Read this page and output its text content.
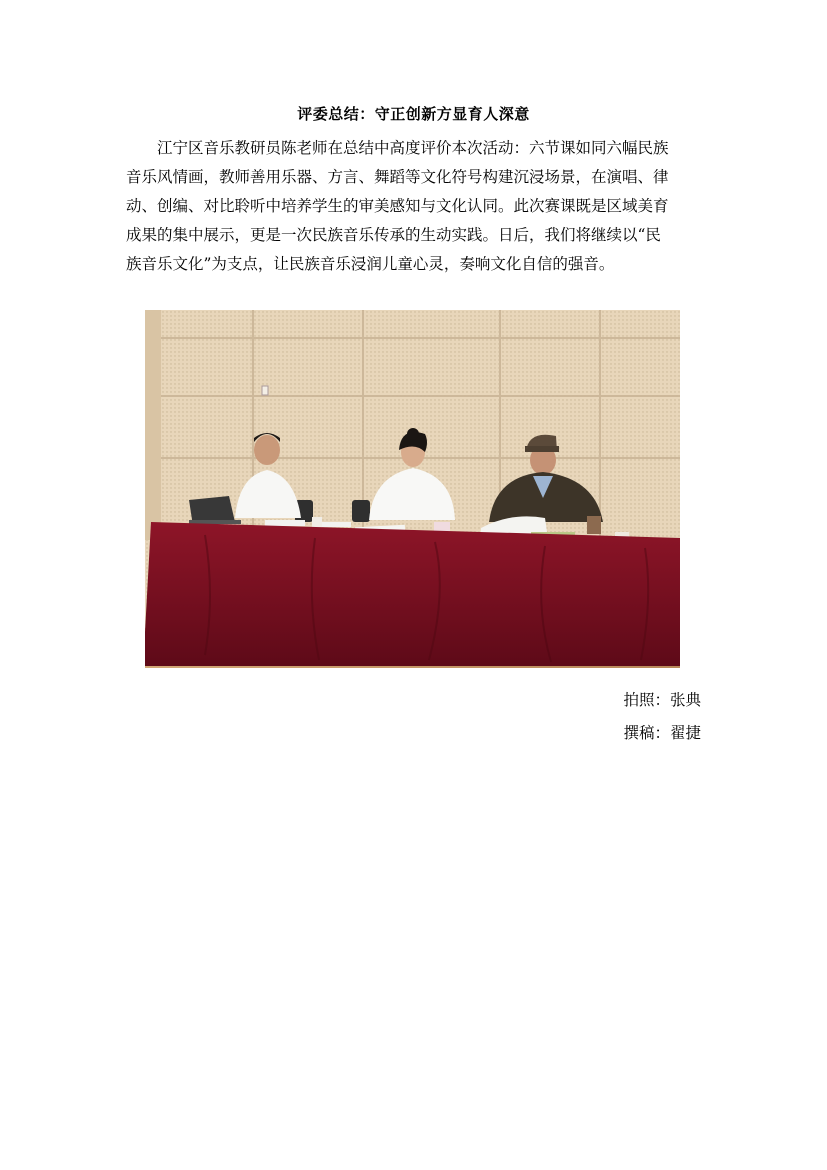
评委总结：守正创新方显育人深意
江宁区音乐教研员陈老师在总结中高度评价本次活动：六节课如同六幅民族
音乐风情画，教师善用乐器、方言、舞蹈等文化符号构建沉浸场景，在演唱、律
动、创编、对比聆听中培养学生的审美感知与文化认同。此次赛课既是区域美育
成果的集中展示，更是一次民族音乐传承的生动实践。日后，我们将继续以“民
族音乐文化”为支点，让民族音乐浸润儿童心灵，奏响文化自信的强音。
拍照：张典
撰稿：翟捷
